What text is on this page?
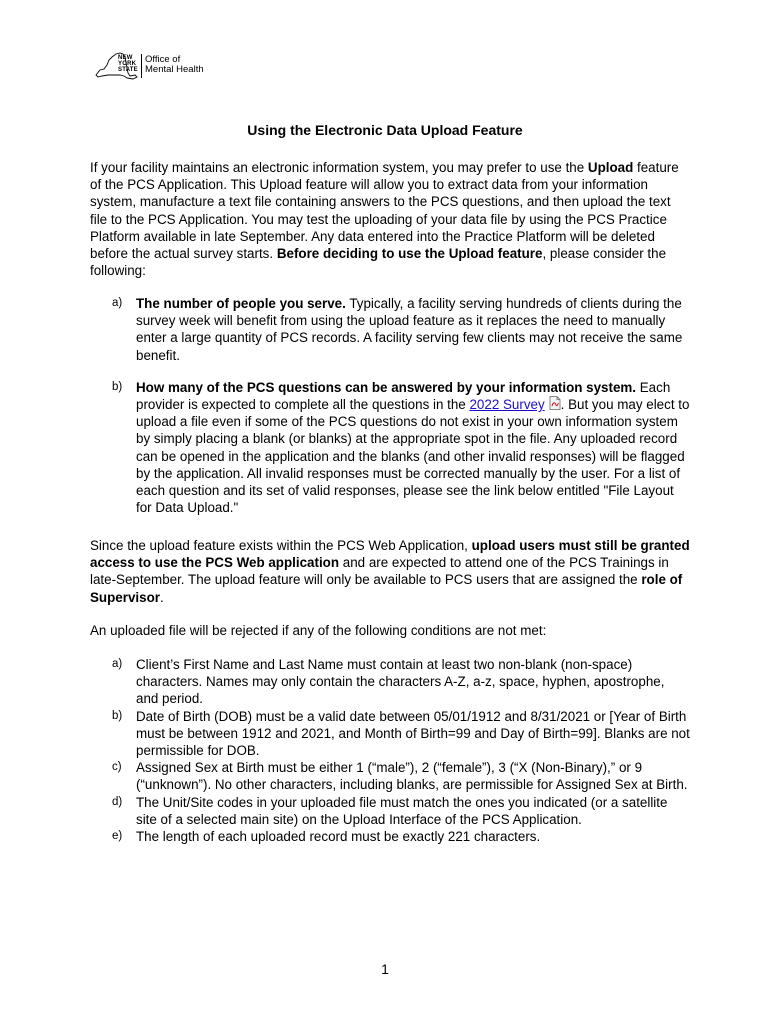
NEW
YORK
STATE
Office of
Mental Health
Using the Electronic Data Upload Feature
If your facility maintains an electronic information system, you may prefer to use the Upload feature of the PCS Application. This Upload feature will allow you to extract data from your information system, manufacture a text file containing answers to the PCS questions, and then upload the text file to the PCS Application. You may test the uploading of your data file by using the PCS Practice Platform available in late September. Any data entered into the Practice Platform will be deleted before the actual survey starts. Before deciding to use the Upload feature, please consider the following:
a) The number of people you serve. Typically, a facility serving hundreds of clients during the survey week will benefit from using the upload feature as it replaces the need to manually enter a large quantity of PCS records. A facility serving few clients may not receive the same benefit.
b) How many of the PCS questions can be answered by your information system. Each provider is expected to complete all the questions in the 2022 Survey . But you may elect to upload a file even if some of the PCS questions do not exist in your own information system by simply placing a blank (or blanks) at the appropriate spot in the file. Any uploaded record can be opened in the application and the blanks (and other invalid responses) will be flagged by the application. All invalid responses must be corrected manually by the user. For a list of each question and its set of valid responses, please see the link below entitled "File Layout for Data Upload."
Since the upload feature exists within the PCS Web Application, upload users must still be granted access to use the PCS Web application and are expected to attend one of the PCS Trainings in late-September. The upload feature will only be available to PCS users that are assigned the role of Supervisor.
An uploaded file will be rejected if any of the following conditions are not met:
a) Client’s First Name and Last Name must contain at least two non-blank (non-space) characters. Names may only contain the characters A-Z, a-z, space, hyphen, apostrophe, and period.
b) Date of Birth (DOB) must be a valid date between 05/01/1912 and 8/31/2021 or [Year of Birth must be between 1912 and 2021, and Month of Birth=99 and Day of Birth=99]. Blanks are not permissible for DOB.
c) Assigned Sex at Birth must be either 1 (“male”), 2 (“female”), 3 (“X (Non-Binary),” or 9 (“unknown”). No other characters, including blanks, are permissible for Assigned Sex at Birth.
d) The Unit/Site codes in your uploaded file must match the ones you indicated (or a satellite site of a selected main site) on the Upload Interface of the PCS Application.
e) The length of each uploaded record must be exactly 221 characters.
1
